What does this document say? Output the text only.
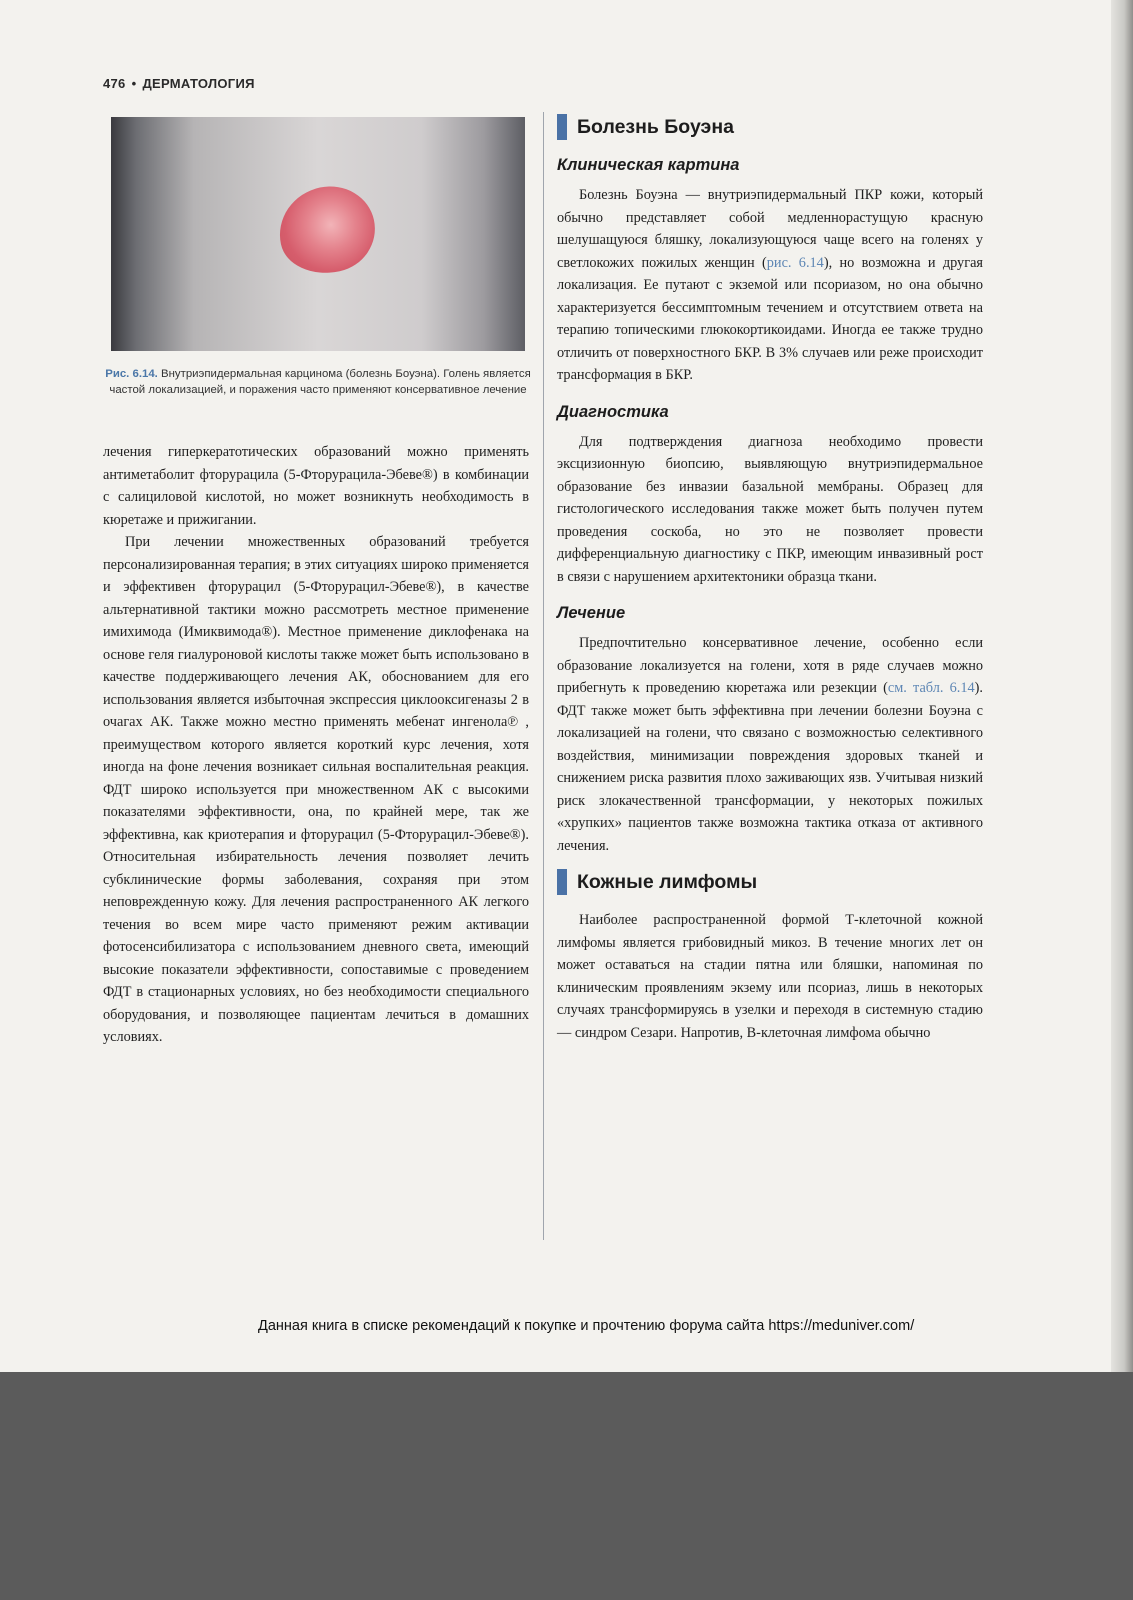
476 • ДЕРМАТОЛОГИЯ
Рис. 6.14. Внутриэпидермальная карцинома (болезнь Боуэна). Голень является частой локализацией, и поражения часто применяют консервативное лечение

лечения гиперкератотических образований можно применять антиметаболит фторурацила (5-Фторурацила-Эбеве®) в комбинации с салициловой кислотой, но может возникнуть необходимость в кюретаже и прижигании.

При лечении множественных образований требуется персонализированная терапия; в этих ситуациях широко применяется и эффективен фторурацил (5-Фторурацил-Эбеве®), в качестве альтернативной тактики можно рассмотреть местное применение имихимода (Имиквимода®). Местное применение диклофенака на основе геля гиалуроновой кислоты также может быть использовано в качестве поддерживающего лечения АК, обоснованием для его использования является избыточная экспрессия циклооксигеназы 2 в очагах АК. Также можно местно применять мебенат ингенола℗ , преимуществом которого является короткий курс лечения, хотя иногда на фоне лечения возникает сильная воспалительная реакция. ФДТ широко используется при множественном АК с высокими показателями эффективности, она, по крайней мере, так же эффективна, как криотерапия и фторурацил (5-Фторурацил-Эбеве®). Относительная избирательность лечения позволяет лечить субклинические формы заболевания, сохраняя при этом неповрежденную кожу. Для лечения распространенного АК легкого течения во всем мире часто применяют режим активации фотосенсибилизатора с использованием дневного света, имеющий высокие показатели эффективности, сопоставимые с проведением ФДТ в стационарных условиях, но без необходимости специального оборудования, и позволяющее пациентам лечиться в домашних условиях.

Болезнь Боуэна
Клиническая картина

Болезнь Боуэна — внутриэпидермальный ПКР кожи, который обычно представляет собой медленнорастущую красную шелушащуюся бляшку, локализующуюся чаще всего на голенях у светлокожих пожилых женщин (рис. 6.14), но возможна и другая локализация. Ее путают с экземой или псориазом, но она обычно характеризуется бессимптомным течением и отсутствием ответа на терапию топическими глюкокортикоидами. Иногда ее также трудно отличить от поверхностного БКР. В 3% случаев или реже происходит трансформация в БКР.

Диагностика

Для подтверждения диагноза необходимо провести эксцизионную биопсию, выявляющую внутриэпидермальное образование без инвазии базальной мембраны. Образец для гистологического исследования также может быть получен путем проведения соскоба, но это не позволяет провести дифференциальную диагностику с ПКР, имеющим инвазивный рост в связи с нарушением архитектоники образца ткани.

Лечение

Предпочтительно консервативное лечение, особенно если образование локализуется на голени, хотя в ряде случаев можно прибегнуть к проведению кюретажа или резекции (см. табл. 6.14). ФДТ также может быть эффективна при лечении болезни Боуэна с локализацией на голени, что связано с возможностью селективного воздействия, минимизации повреждения здоровых тканей и снижением риска развития плохо заживающих язв. Учитывая низкий риск злокачественной трансформации, у некоторых пожилых «хрупких» пациентов также возможна тактика отказа от активного лечения.

Кожные лимфомы

Наиболее распространенной формой Т-клеточной кожной лимфомы является грибовидный микоз. В течение многих лет он может оставаться на стадии пятна или бляшки, напоминая по клиническим проявлениям экзему или псориаз, лишь в некоторых случаях трансформируясь в узелки и переходя в системную стадию — синдром Сезари. Напротив, В-клеточная лимфома обычно

Данная книга в списке рекомендаций к покупке и прочтению форума сайта https://meduniver.com/
